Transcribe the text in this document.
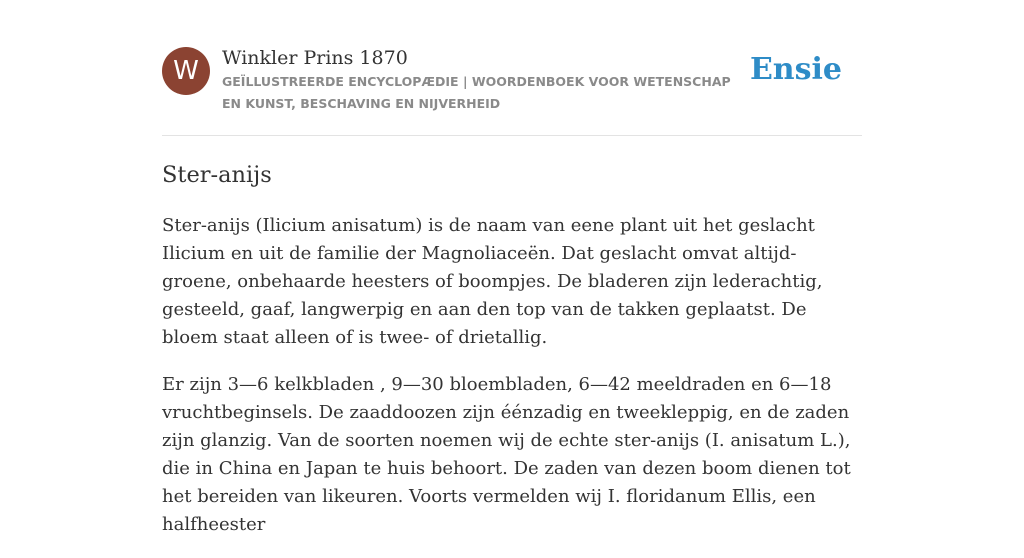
W	Winkler Prins 1870
GEÏLLUSTREERDE ENCYCLOPÆDIE | WOORDENBOEK VOOR WETENSCHAP EN KUNST, BESCHAVING EN NIJVERHEID
Ensie
Ster-anijs

Ster-anijs (Ilicium anisatum) is de naam van eene plant uit het geslacht Ilicium en uit de familie der Magnoliaceën. Dat geslacht omvat altijd-groene, onbehaarde heesters of boompjes. De bladeren zijn lederachtig, gesteeld, gaaf, langwerpig en aan den top van de takken geplaatst. De bloem staat alleen of is twee- of drietallig.

Er zijn 3—6 kelkbladen , 9—30 bloembladen, 6—42 meeldraden en 6—18 vruchtbeginsels. De zaaddoozen zijn éénzadig en tweekleppig, en de zaden zijn glanzig. Van de soorten noemen wij de echte ster-anijs (I. anisatum L.), die in China en Japan te huis behoort. De zaden van dezen boom dienen tot het bereiden van likeuren. Voorts vermelden wij I. floridanum Ellis, een halfheester
